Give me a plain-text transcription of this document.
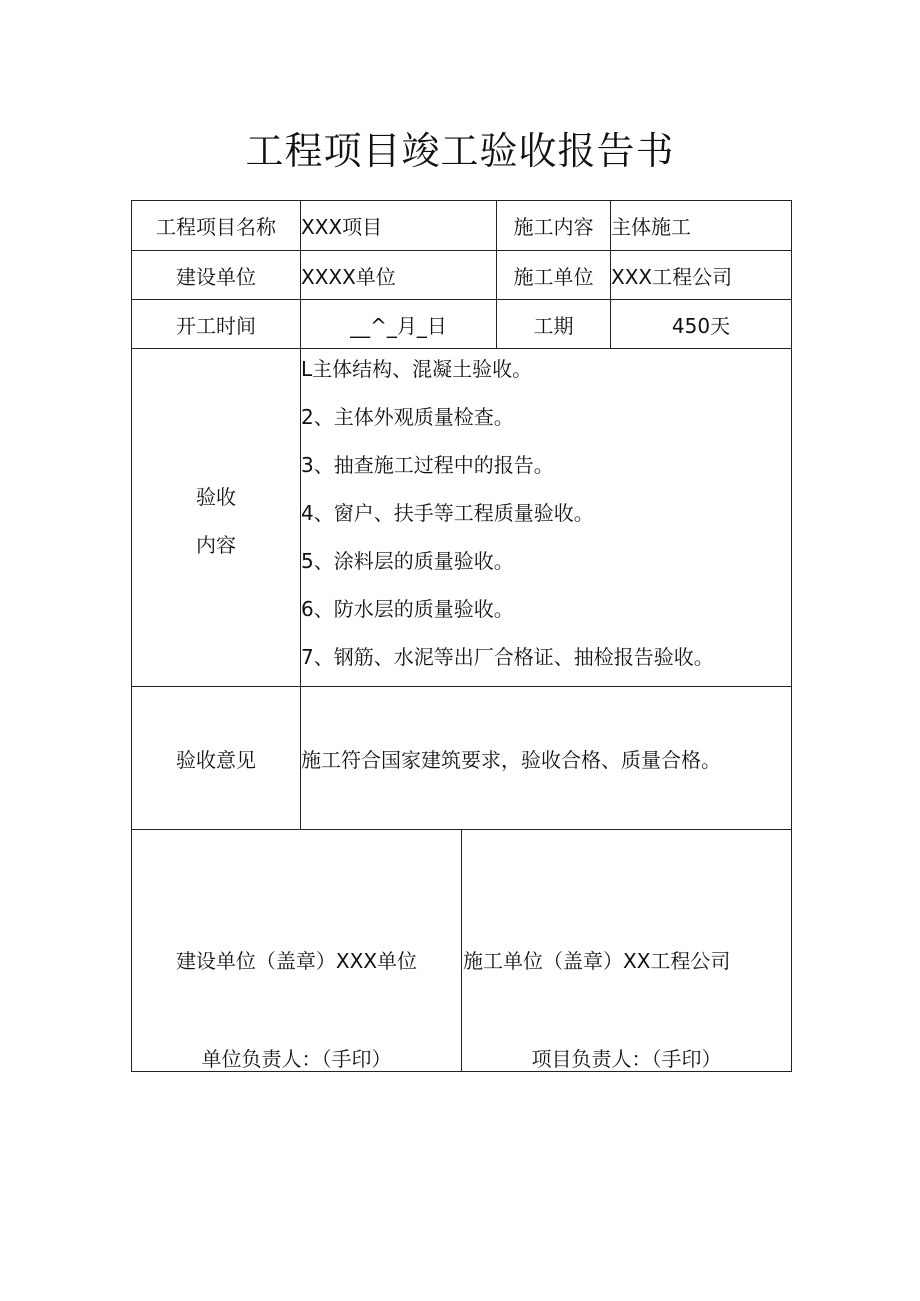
工程项目竣工验收报告书
工程项目名称	XXX项目	施工内容 主体施工
建设单位	XXXX单位	施工单位 XXX工程公司
开工时间	__^_月_日	工期	450天
验收
内容
L主体结构、混凝土验收。
2、主体外观质量检查。
3、抽查施工过程中的报告。
4、窗户、扶手等工程质量验收。
5、涂料层的质量验收。
6、防水层的质量验收。
7、钢筋、水泥等出厂合格证、抽检报告验收。
验收意见	施工符合国家建筑要求，验收合格、质量合格。
建设单位（盖章）XXX单位
单位负责人：（手印）
施工单位（盖章）XX工程公司
项目负责人：（手印）
